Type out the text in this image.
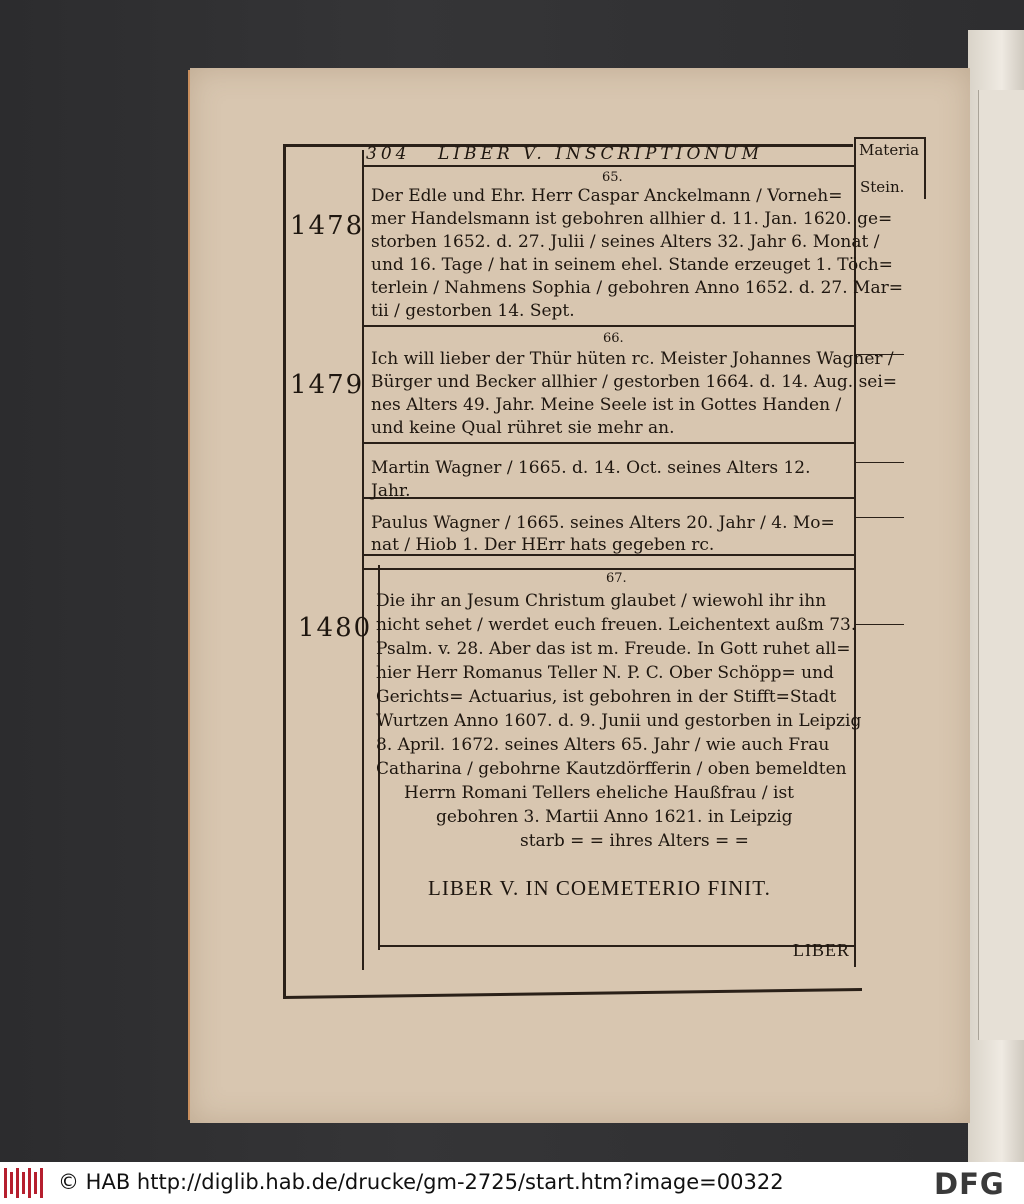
304 LIBER V. INSCRIPTIONUM	Materia
Stein.
1478
65.
Der Edle und Ehr. Herr Caspar Anckelmann / Vorneh=
mer Handelsmann ist gebohren allhier d. 11. Jan. 1620. ge=
storben 1652. d. 27. Julii / seines Alters 32. Jahr 6. Monat /
und 16. Tage / hat in seinem ehel. Stande erzeuget 1. Töch=
terlein / Nahmens Sophia / gebohren Anno 1652. d. 27. Mar=
tii / gestorben 14. Sept.
1479
66.
Ich will lieber der Thür hüten rc. Meister Johannes Wagner /
Bürger und Becker allhier / gestorben 1664. d. 14. Aug. sei=
nes Alters 49. Jahr. Meine Seele ist in Gottes Handen /
und keine Qual rühret sie mehr an.
Martin Wagner / 1665. d. 14. Oct. seines Alters 12.
Jahr.
Paulus Wagner / 1665. seines Alters 20. Jahr / 4. Mo=
nat / Hiob 1. Der HErr hats gegeben rc.
1480
67.
Die ihr an Jesum Christum glaubet / wiewohl ihr ihn
nicht sehet / werdet euch freuen. Leichentext außm 73.
Psalm. v. 28. Aber das ist m. Freude. In Gott ruhet all=
hier Herr Romanus Teller N. P. C. Ober Schöpp= und
Gerichts= Actuarius, ist gebohren in der Stifft=Stadt
Wurtzen Anno 1607. d. 9. Junii und gestorben in Leipzig
8. April. 1672. seines Alters 65. Jahr / wie auch Frau
Catharina / gebohrne Kautzdörfferin / oben bemeldten
Herrn Romani Tellers eheliche Haußfrau / ist
gebohren 3. Martii Anno 1621. in Leipzig
starb = = ihres Alters = =
LIBER V. IN COEMETERIO FINIT.
LIBER
© HAB http://diglib.hab.de/drucke/gm-2725/start.htm?image=00322	DFG
